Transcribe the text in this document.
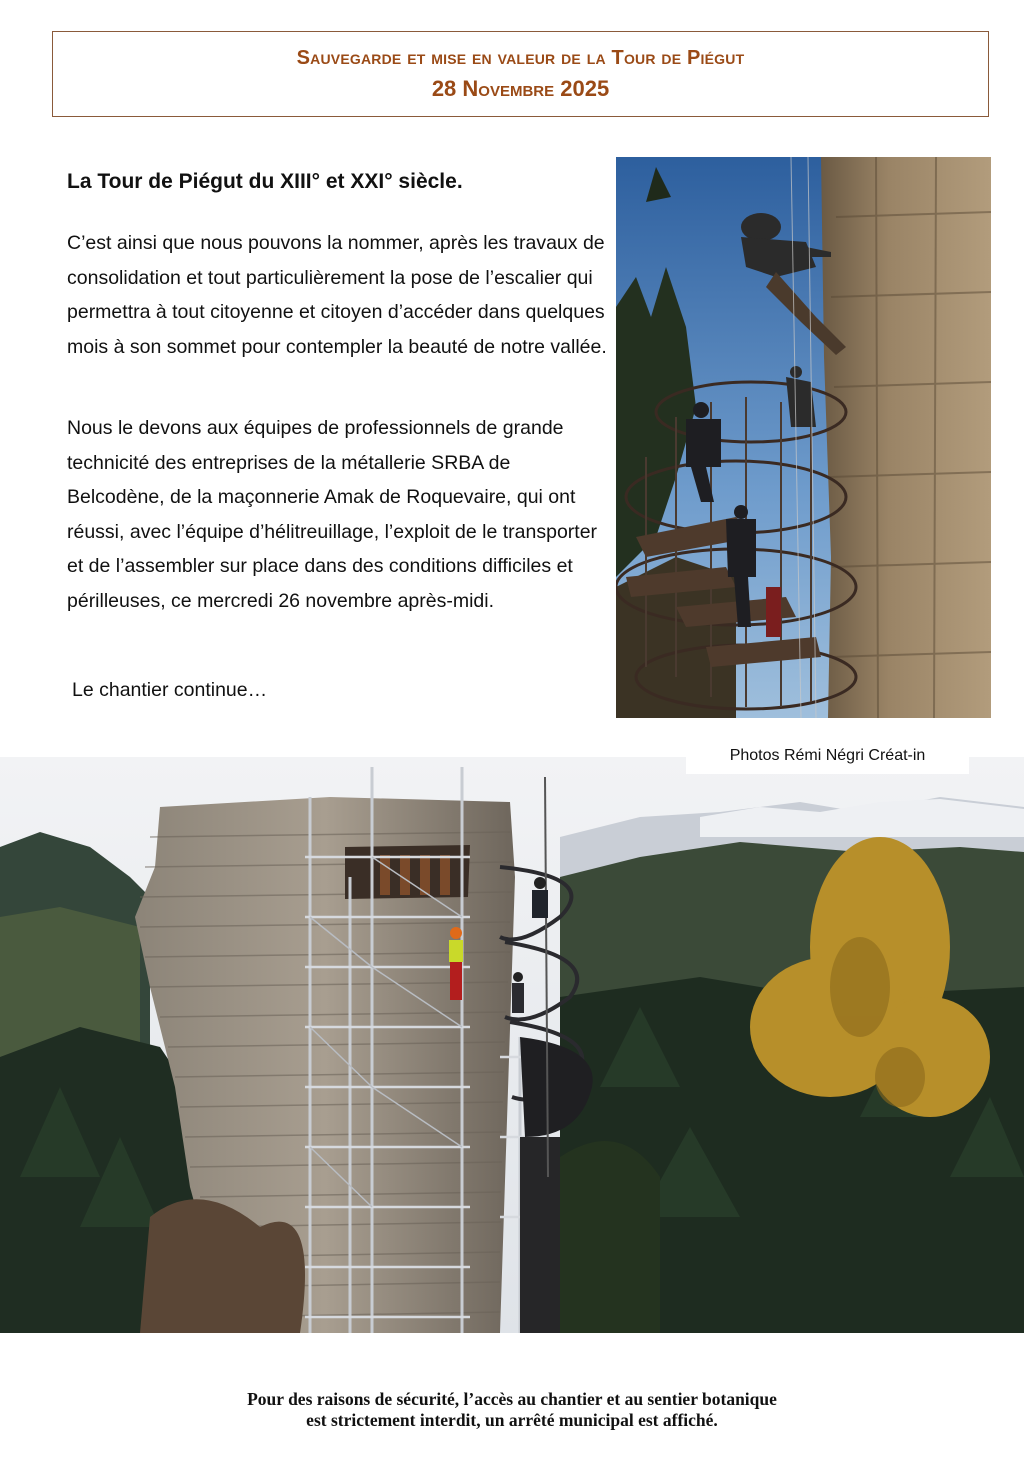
Sauvegarde et mise en valeur de la Tour de Piégut
28 Novembre 2025
La Tour de Piégut du XIII° et XXI° siècle.

C’est ainsi que nous pouvons la nommer, après les travaux de consolidation et tout particulièrement la pose de l’escalier qui permettra à tout citoyenne et citoyen d’accéder dans quelques mois à son sommet pour contempler la beauté de notre vallée.

Nous le devons aux équipes de professionnels de grande technicité des entreprises de la métallerie SRBA de Belcodène, de la maçonnerie Amak de Roquevaire, qui ont réussi, avec l’équipe d’hélitreuillage, l’exploit de le transporter et de l’assembler sur place dans des conditions difficiles et périlleuses, ce mercredi 26 novembre après-midi.

Le chantier continue…

Photos Rémi Négri Créat-in
Pour des raisons de sécurité, l’accès au chantier et au sentier botanique
est strictement interdit, un arrêté municipal est affiché.
